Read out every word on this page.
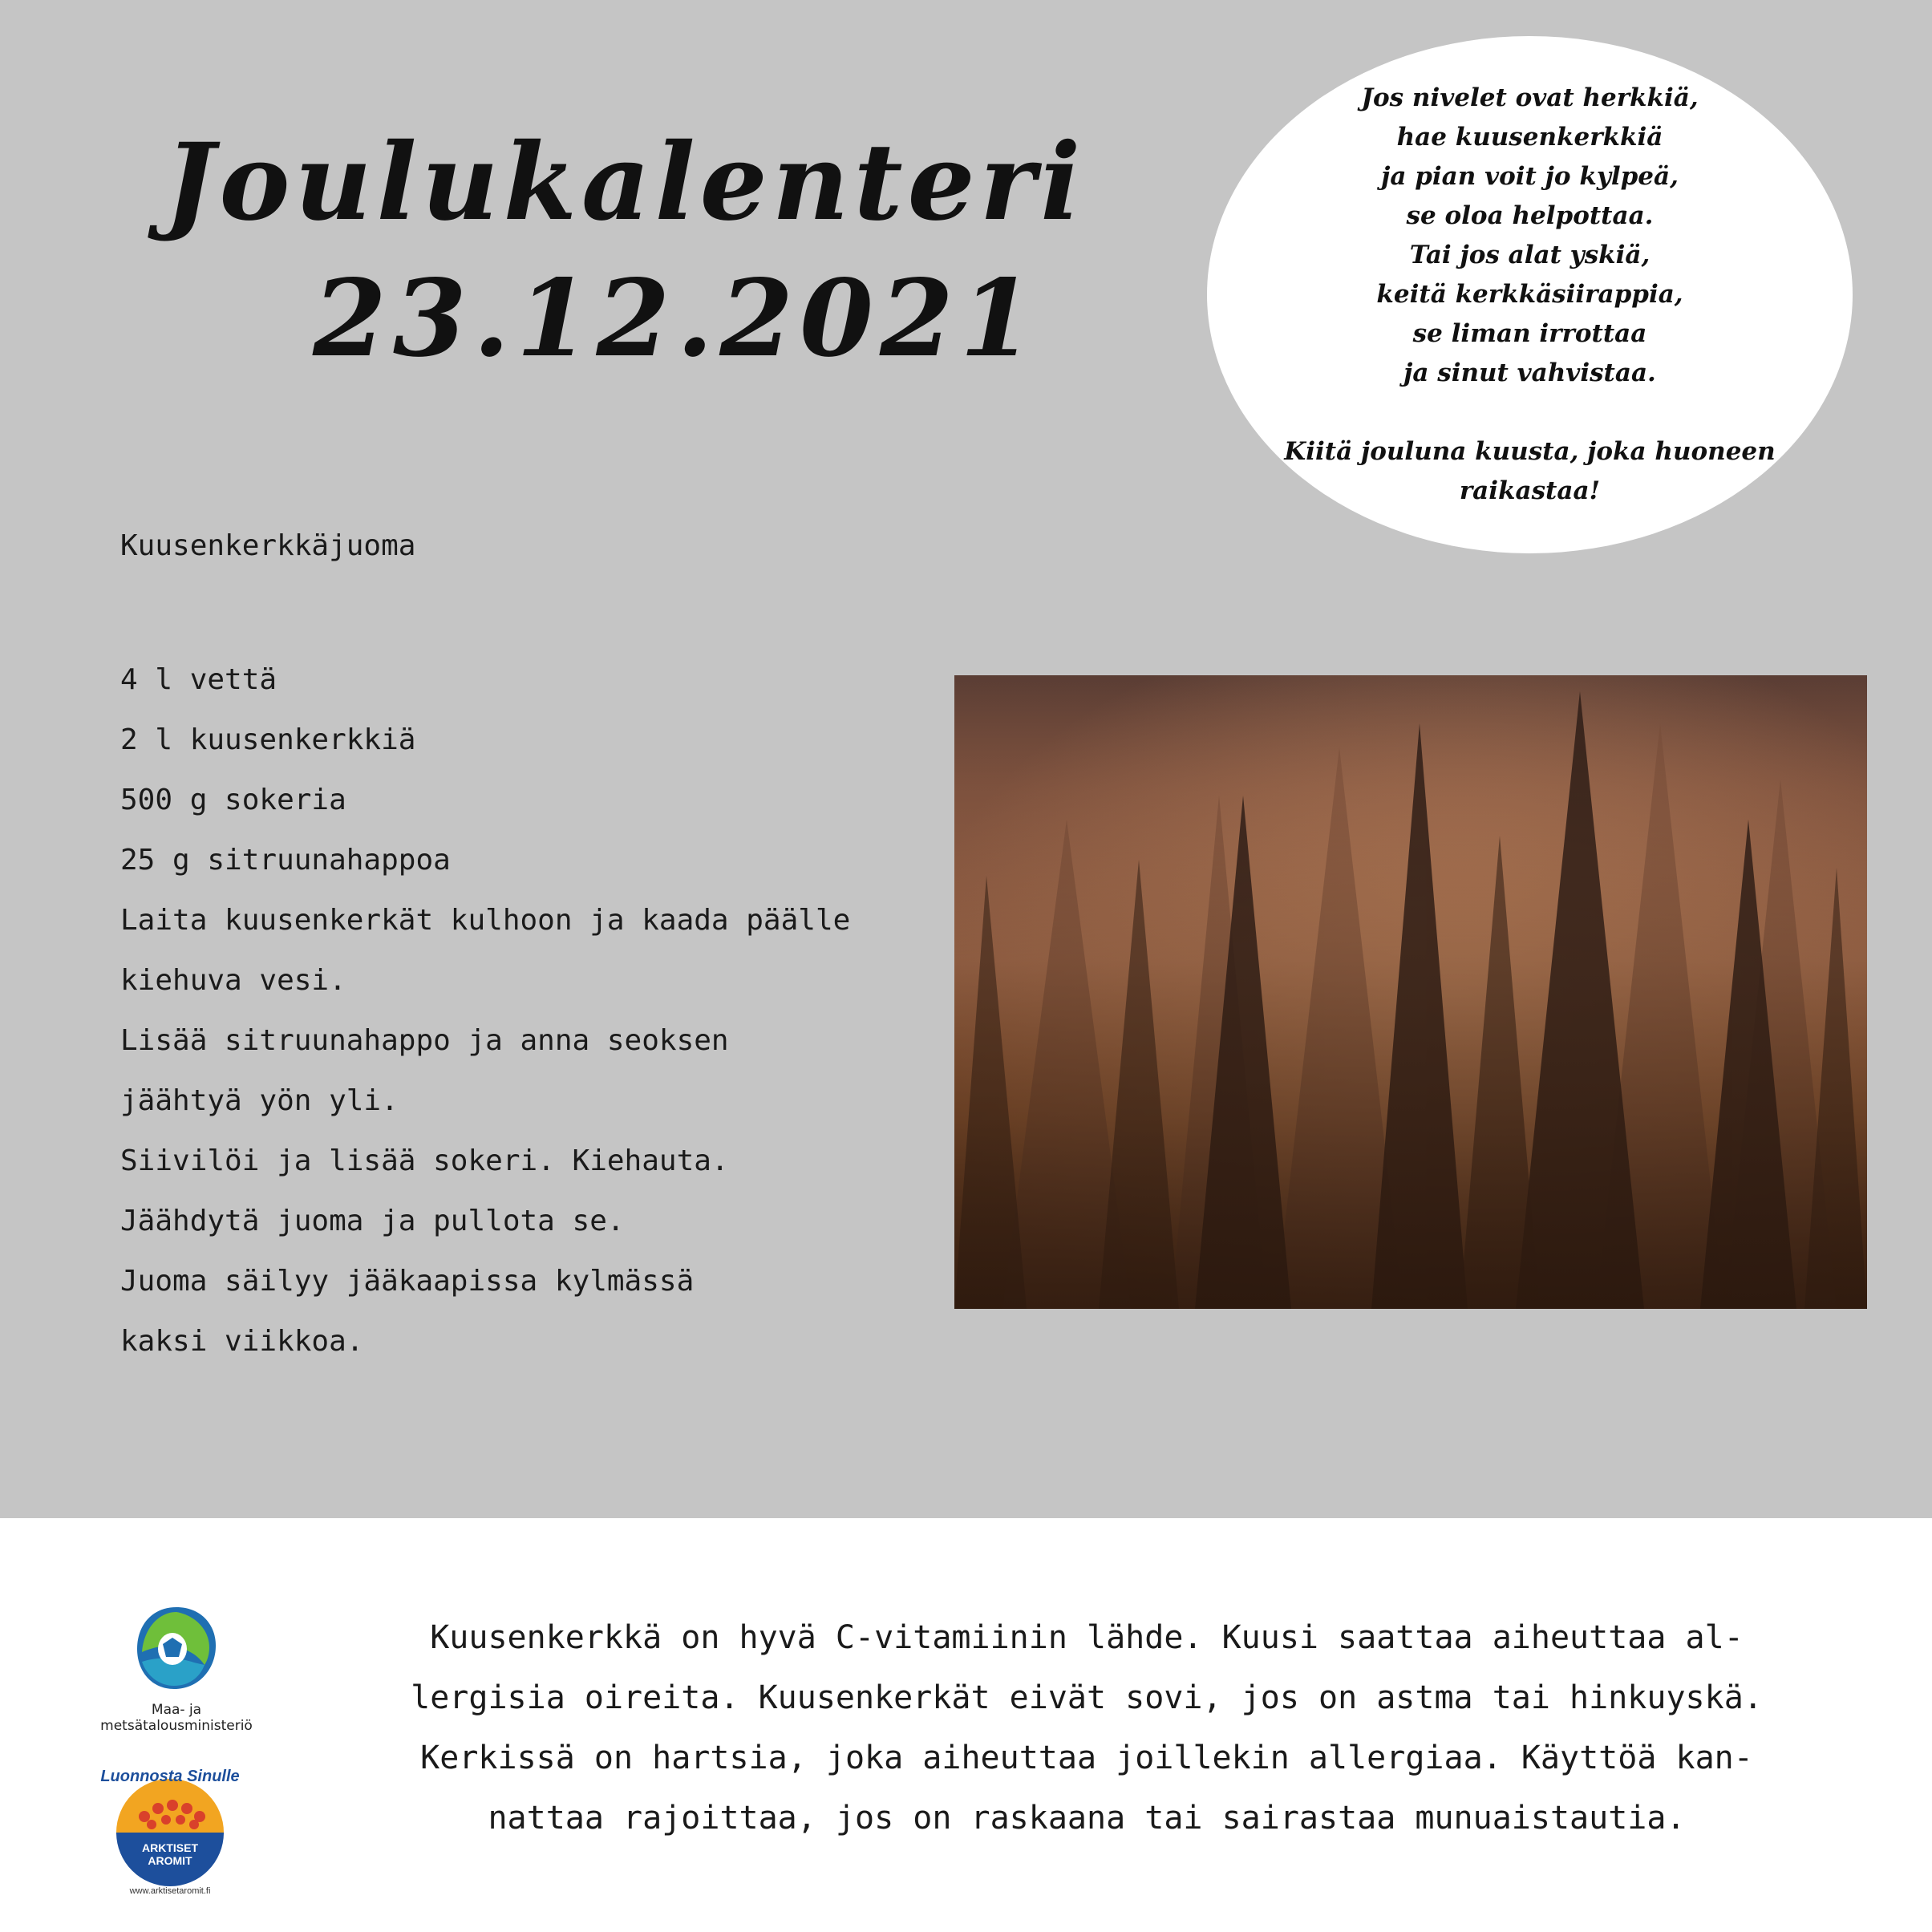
Joulukalenteri
23.12.2021
Jos nivelet ovat herkkiä,
hae kuusenkerkkiä
ja pian voit jo kylpeä,
se oloa helpottaa.
Tai jos alat yskiä,
keitä kerkkäsiirappia,
se liman irrottaa
ja sinut vahvistaa.
Kiitä jouluna kuusta, joka huoneen
raikastaa!
Kuusenkerkkäjuoma
4 l vettä
2 l kuusenkerkkiä
500 g sokeria
25 g sitruunahappoa
Laita kuusenkerkät kulhoon ja kaada päälle
kiehuva vesi.
Lisää sitruunahappo ja anna seoksen
jäähtyä yön yli.
Siivilöi ja lisää sokeri. Kiehauta.
Jäähdytä juoma ja pullota se.
Juoma säilyy jääkaapissa kylmässä
kaksi viikkoa.
Kuusenkerkkä on hyvä C-vitamiinin lähde. Kuusi saattaa aiheuttaa al-
lergisia oireita. Kuusenkerkät eivät sovi, jos on astma tai hinkuyskä.
Kerkissä on hartsia, joka aiheuttaa joillekin allergiaa. Käyttöä kan-
nattaa rajoittaa, jos on raskaana tai sairastaa munuaistautia.
Maa- ja metsätalousministeriö
ARKTISET
AROMIT
Luonnosta Sinulle
www.arktisetaromit.fi
